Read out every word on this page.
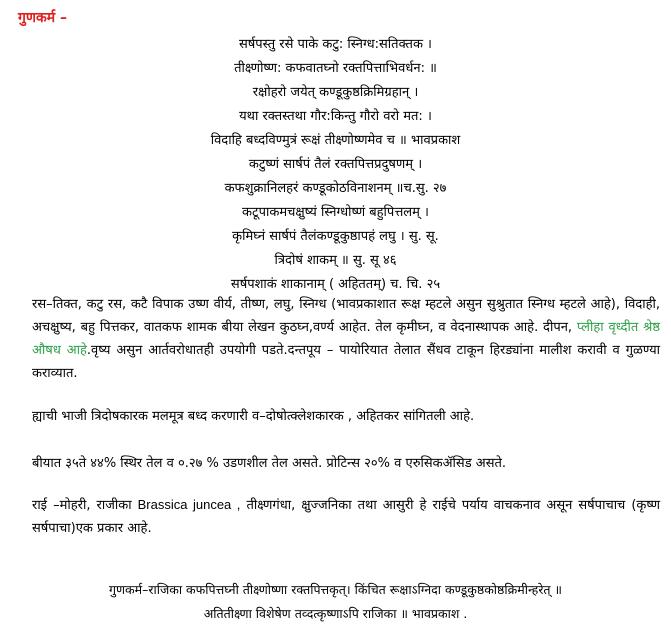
गुणकर्म –
सर्षपस्तु रसे पाके कटु: स्निग्ध:सतिक्तक ।
तीक्ष्णोष्ण: कफवातघ्नो रक्तपित्ताभिवर्धन: ॥
रक्षोहरो जयेत् कण्डूकुष्ठक्रिमिग्रहान् ।
यथा रक्तस्तथा गौर:किन्तु गौरो वरो मत: ।
विदाहि बध्दविण्मुत्रं रूक्षं तीक्ष्णोष्णमेव च ॥ भावप्रकाश
कटुष्णं सार्षपं तैलं रक्तपित्तप्रदुषणम् ।
कफशुक्रानिलहरं कण्डूकोठविनाशनम् ॥च.सु. २७
कटूपाकमचक्षुष्यं स्निग्धोष्णं बहुपित्तलम् ।
कृमिघ्नं सार्षपं तैलंकण्डूकुष्ठापहं लघु । सु. सू.
त्रिदोषं शाकम् ॥ सु. सू ४६
सर्षपशाकं शाकानाम् ( अहिततम्) च. चि. २५
रस–तिक्त, कटु रस, कटै विपाक उष्ण वीर्य, तीष्ण, लघु, स्निग्ध (भावप्रकाशात रूक्ष म्हटले असुन सुश्रुतात स्निग्ध म्हटले आहे), विदाही, अचक्षुष्य, बहु पित्तकर, वातकफ शामक बीया लेखन कुठघ्न,वर्ण्य आहेत. तेल कृमीघ्न, व वेदनास्थापक आहे. दीपन, प्लीहा वृध्दीत श्रेष्ठ औषध आहे.वृष्य असुन आर्तवरोधातही उपयोगी पडते.दन्तपूय – पायोरियात तेलात सैंधव टाकून हिरड्यांना मालीश करावी व गुळण्या कराव्यात.
ह्याची भाजी त्रिदोषकारक मलमूत्र बध्द करणारी व–दोषोत्क्लेशकारक , अहितकर सांगितली आहे.
बीयात ३५ते ४४% स्थिर तेल व ०.२७ % उडणशील तेल असते. प्रोटिन्स २०% व एरुसिकॲसिड असते.
राई –मोहरी, राजीका Brassica juncea , तीक्ष्णगंधा, क्षुज्जनिका तथा आसुरी हे राईचे पर्याय वाचकनाव असून सर्षपाचाच (कृष्ण सर्षपाचा)एक प्रकार आहे.
गुणकर्म–राजिका कफपित्तघ्नी तीक्ष्णोष्णा रक्तपित्तकृत्। किंचित रूक्षाऽग्निदा कण्डूकुष्ठकोष्ठक्रिमीन्हरेत् ॥
अतितीक्ष्णा विशेषेण तव्दत्कृष्णाऽपि राजिका ॥ भावप्रकाश .
